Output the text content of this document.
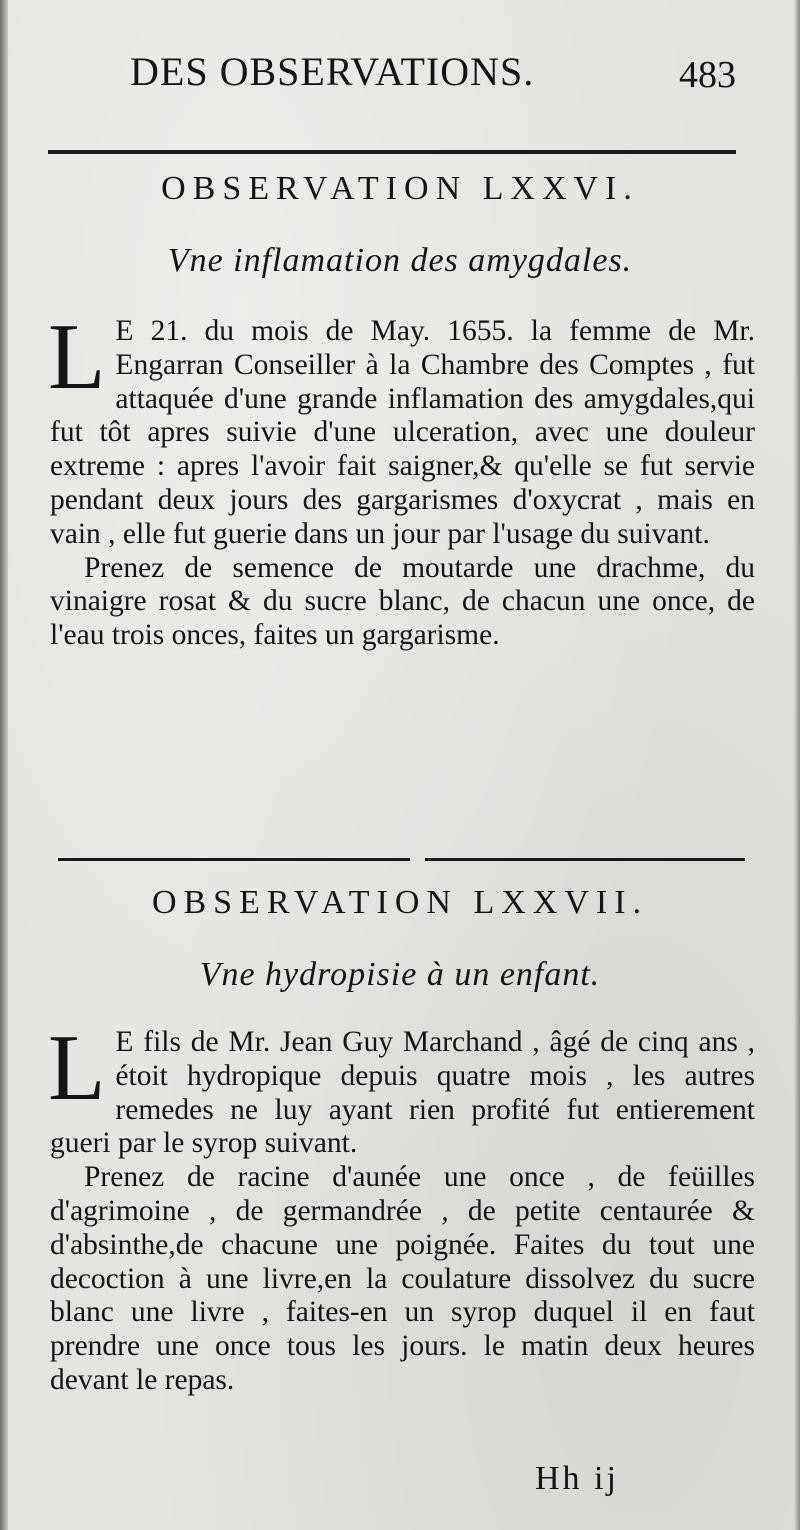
DES OBSERVATIONS.	483
OBSERVATION LXXVI.
Vne inflamation des amygdales.

L E 21. du mois de May. 1655. la femme de Mr. Engarran Conseiller à la Chambre des Comptes , fut attaquée d'une grande inflamation des amygdales,qui fut tôt apres suivie d'une ulceration, avec une douleur extreme : apres l'avoir fait saigner,& qu'elle se fut servie pendant deux jours des gargarismes d'oxycrat , mais en vain , elle fut guerie dans un jour par l'usage du suivant.

Prenez de semence de moutarde une drachme, du vinaigre rosat & du sucre blanc, de chacun une once, de l'eau trois onces, faites un gargarisme.

OBSERVATION LXXVII.
Vne hydropisie à un enfant.

L E fils de Mr. Jean Guy Marchand , âgé de cinq ans , étoit hydropique depuis quatre mois , les autres remedes ne luy ayant rien profité fut entierement gueri par le syrop suivant.

Prenez de racine d'aunée une once , de feüilles d'agrimoine , de germandrée , de petite centaurée & d'absinthe,de chacune une poignée. Faites du tout une decoction à une livre,en la coulature dissolvez du sucre blanc une livre , faites-en un syrop duquel il en faut prendre une once tous les jours. le matin deux heures devant le repas.

Hh ij
